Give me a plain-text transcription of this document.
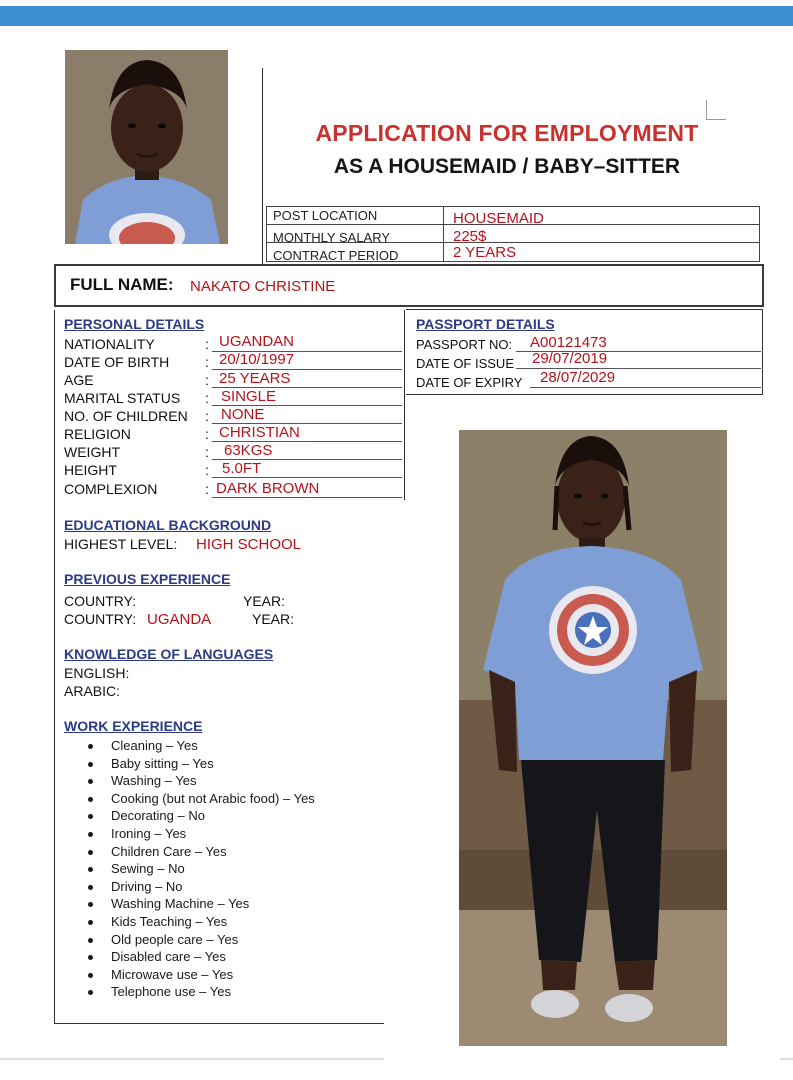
APPLICATION FOR EMPLOYMENT
AS A HOUSEMAID / BABY–SITTER
POST LOCATION	HOUSEMAID
MONTHLY SALARY	225$
CONTRACT PERIOD	2 YEARS
FULL NAME: NAKATO CHRISTINE
PERSONAL DETAILS
NATIONALITY	: UGANDAN
DATE OF BIRTH	: 20/10/1997
AGE	: 25 YEARS
MARITAL STATUS : SINGLE
NO. OF CHILDREN : NONE
RELIGION	: CHRISTIAN
WEIGHT	: 63KGS
HEIGHT	: 5.0FT
COMPLEXION	: DARK BROWN
PASSPORT DETAILS
PASSPORT NO: A00121473
DATE OF ISSUE 29/07/2019
DATE OF EXPIRY 28/07/2029
EDUCATIONAL BACKGROUND
HIGHEST LEVEL: HIGH SCHOOL
PREVIOUS EXPERIENCE
COUNTRY:	YEAR:
COUNTRY: UGANDA	YEAR:
KNOWLEDGE OF LANGUAGES
ENGLISH:
ARABIC:
WORK EXPERIENCE
Cleaning – Yes
Baby sitting – Yes
Washing – Yes
Cooking (but not Arabic food) – Yes
Decorating – No
Ironing – Yes
Children Care – Yes
Sewing – No
Driving – No
Washing Machine – Yes
Kids Teaching – Yes
Old people care – Yes
Disabled care – Yes
Microwave use – Yes
Telephone use – Yes
